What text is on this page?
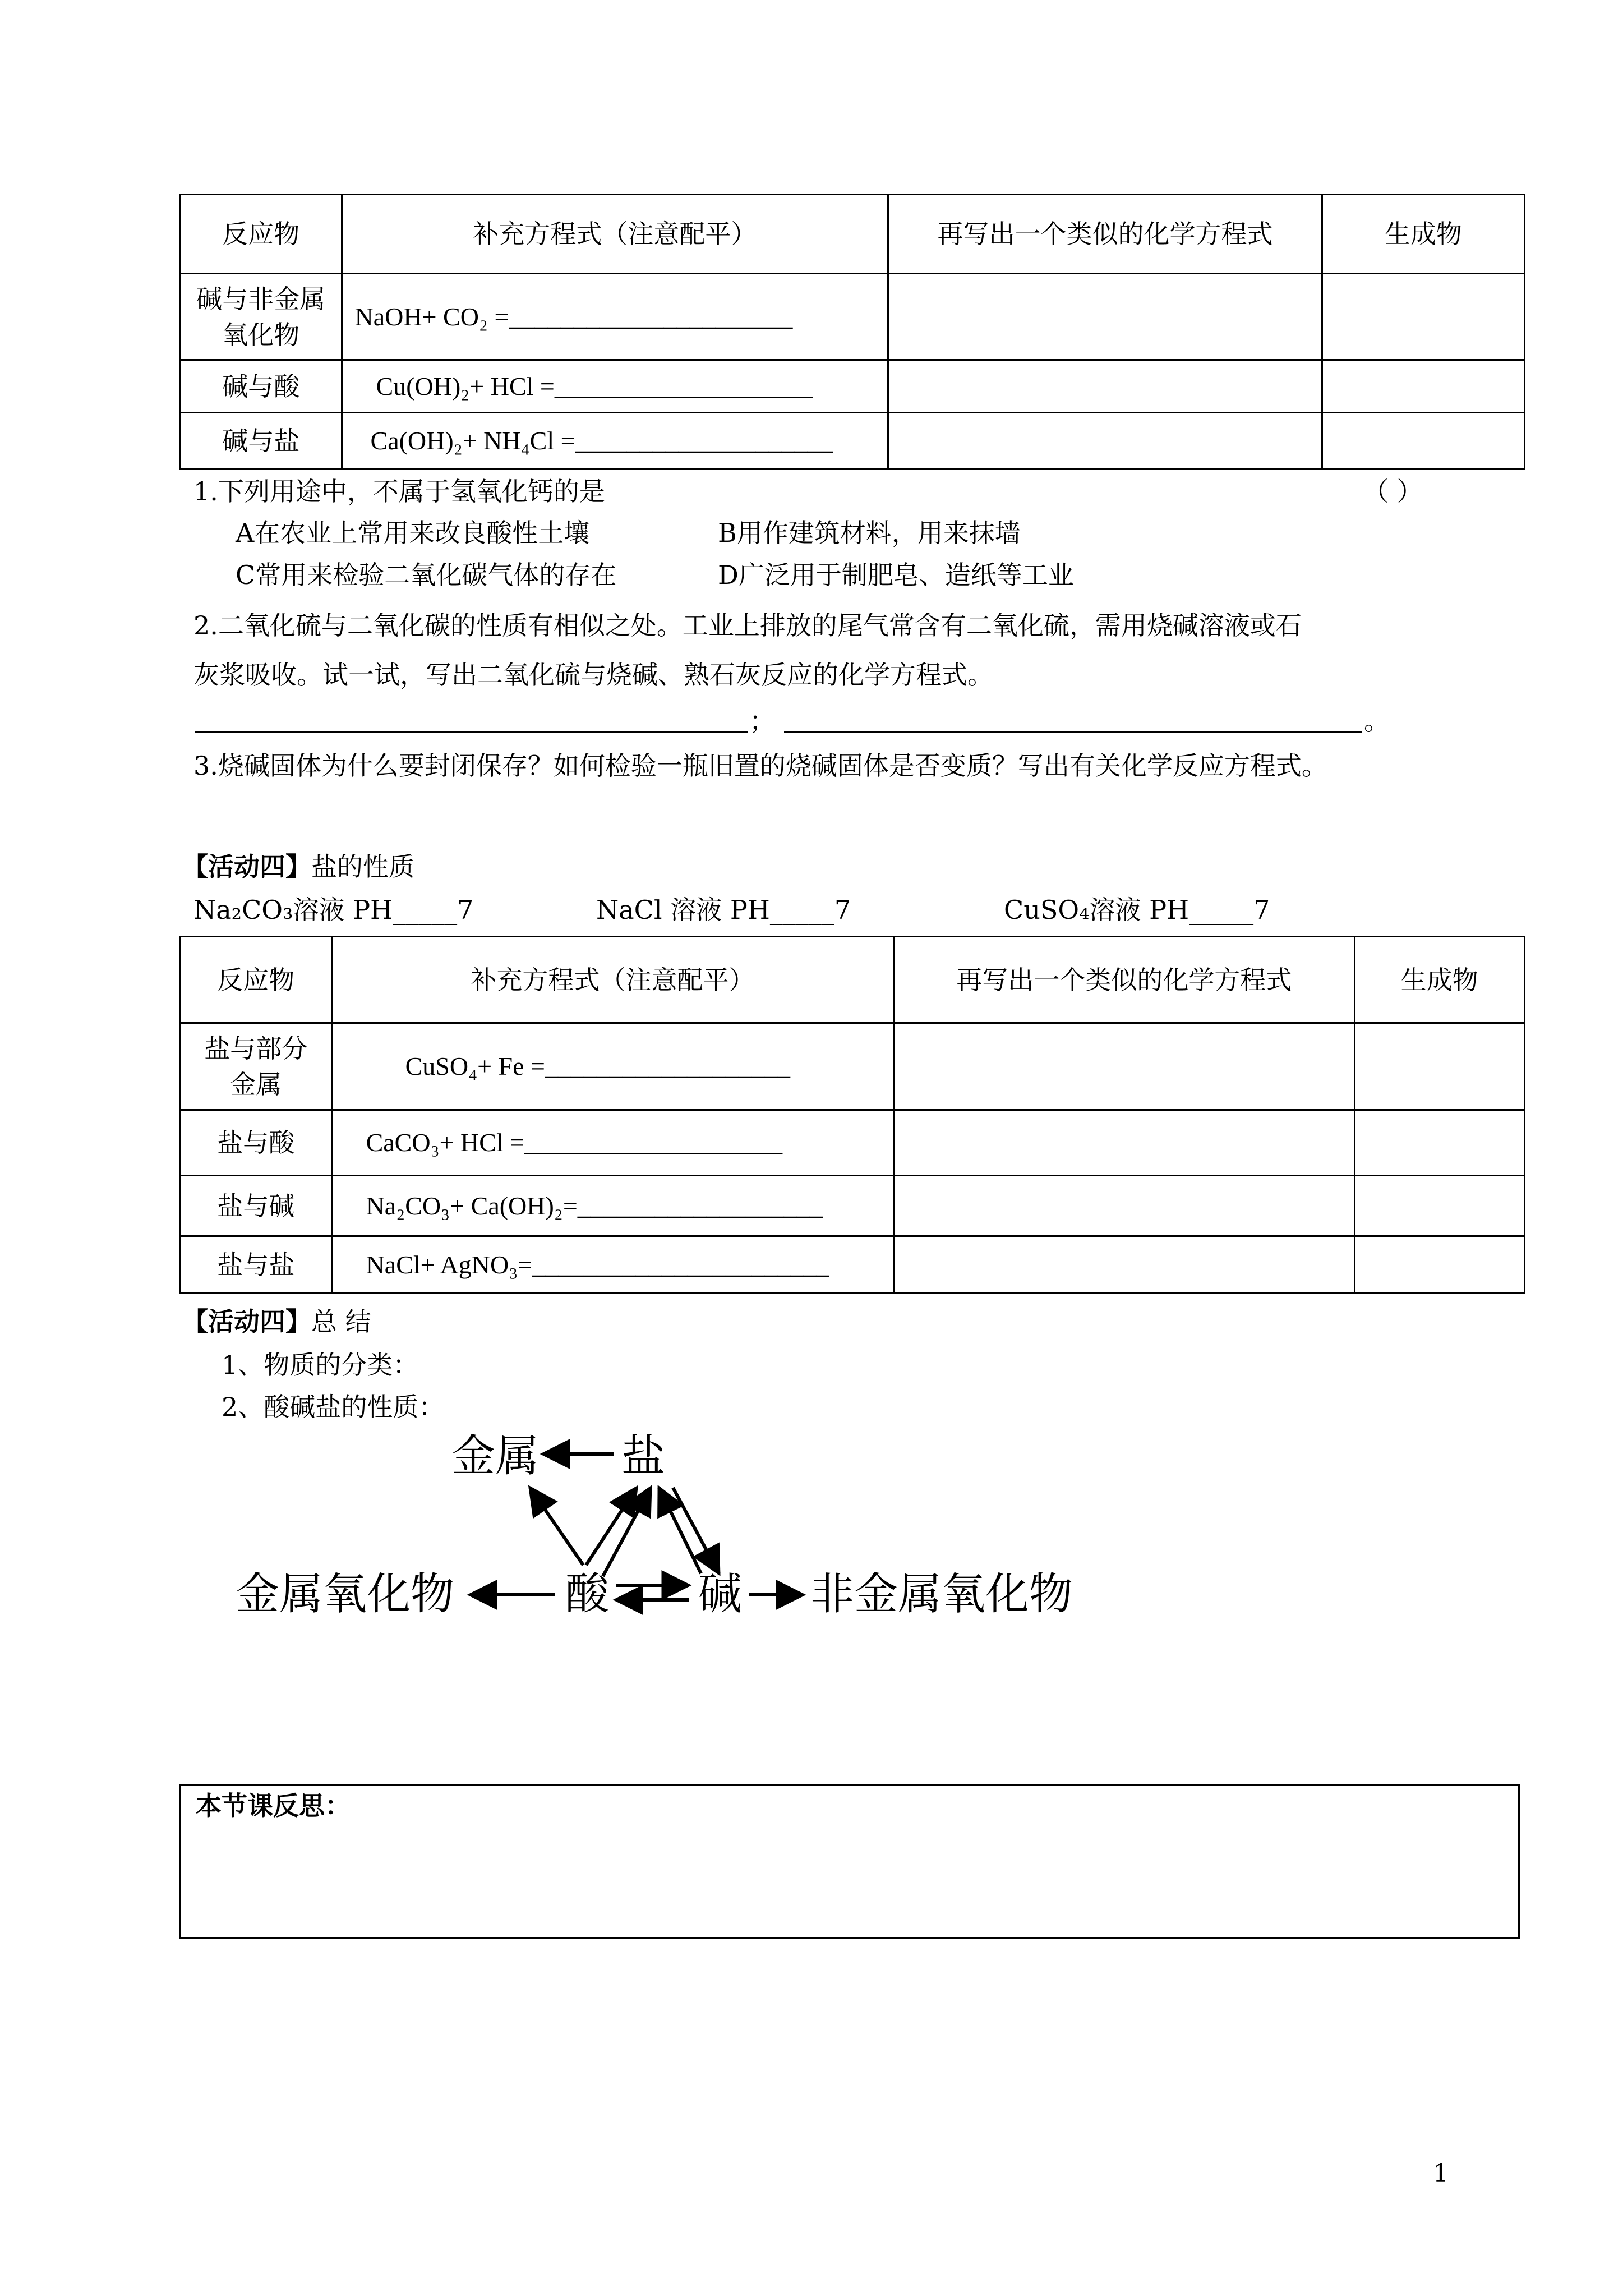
反应物	补充方程式（注意配平）	再写出一个类似的化学方程式	生成物
碱与非金属氧化物	NaOH+ CO₂ =______________________		
碱与酸	Cu(OH)₂+ HCl =____________________		
碱与盐	Ca(OH)₂+ NH₄Cl =____________________		
1.下列用途中，不属于氢氧化钙的是	（ ）
A在农业上常用来改良酸性土壤	B用作建筑材料，用来抹墙
C常用来检验二氧化碳气体的存在	D广泛用于制肥皂、造纸等工业
2.二氧化硫与二氧化碳的性质有相似之处。工业上排放的尾气常含有二氧化硫，需用烧碱溶液或石
灰浆吸收。试一试，写出二氧化硫与烧碱、熟石灰反应的化学方程式。
；	。
3.烧碱固体为什么要封闭保存？如何检验一瓶旧置的烧碱固体是否变质？写出有关化学反应方程式。
【活动四】盐的性质
Na₂CO₃溶液 PH_____7	NaCl 溶液 PH_____7	CuSO₄溶液 PH_____7
反应物	补充方程式（注意配平）	再写出一个类似的化学方程式	生成物
盐与部分金属	CuSO₄+ Fe =___________________		
盐与酸	CaCO₃+ HCl =____________________		
盐与碱	Na₂CO₃+ Ca(OH)₂=___________________		
盐与盐	NaCl+ AgNO₃=_______________________		
【活动四】总 结
1、物质的分类：
2、酸碱盐的性质：
金属 盐
金属氧化物	酸 碱 非金属氧化物
本节课反思：
1
